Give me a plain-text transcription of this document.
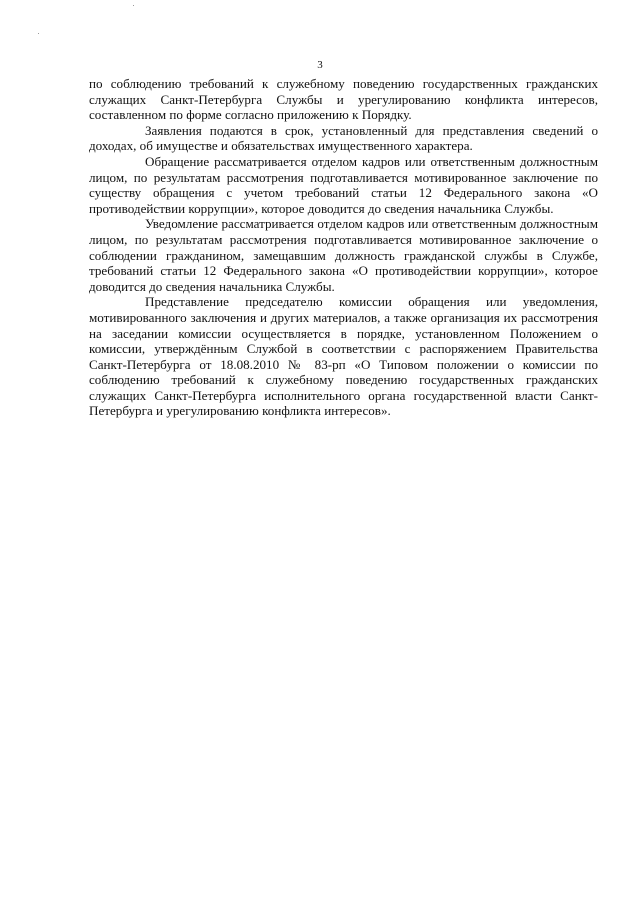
3

по соблюдению требований к служебному поведению государственных гражданских служащих Санкт-Петербурга Службы и урегулированию конфликта интересов, составленном по форме согласно приложению к Порядку.

Заявления подаются в срок, установленный для представления сведений о доходах, об имуществе и обязательствах имущественного характера.

Обращение рассматривается отделом кадров или ответственным должностным лицом, по результатам рассмотрения подготавливается мотивированное заключение по существу обращения с учетом требований статьи 12 Федерального закона «О противодействии коррупции», которое доводится до сведения начальника Службы.

Уведомление рассматривается отделом кадров или ответственным должностным лицом, по результатам рассмотрения подготавливается мотивированное заключение о соблюдении гражданином, замещавшим должность гражданской службы в Службе, требований статьи 12 Федерального закона «О противодействии коррупции», которое доводится до сведения начальника Службы.

Представление председателю комиссии обращения или уведомления, мотивированного заключения и других материалов, а также организация их рассмотрения на заседании комиссии осуществляется в порядке, установленном Положением о комиссии, утверждённым Службой в соответствии с распоряжением Правительства Санкт-Петербурга от 18.08.2010 № 83-рп «О Типовом положении о комиссии по соблюдению требований к служебному поведению государственных гражданских служащих Санкт-Петербурга исполнительного органа государственной власти Санкт-Петербурга и урегулированию конфликта интересов».
